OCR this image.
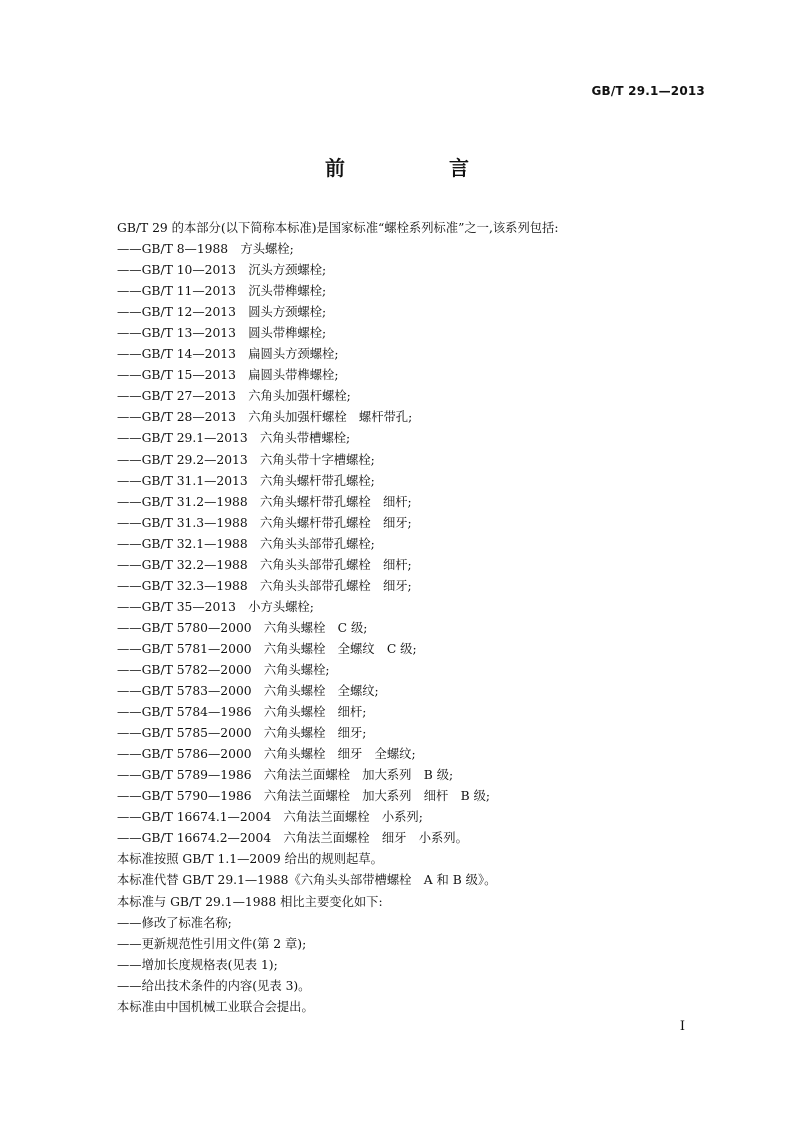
GB/T 29.1—2013
前　言
GB/T 29 的本部分(以下简称本标准)是国家标准“螺栓系列标准”之一,该系列包括:
——GB/T 8—1988　方头螺栓;
——GB/T 10—2013　沉头方颈螺栓;
——GB/T 11—2013　沉头带榫螺栓;
——GB/T 12—2013　圆头方颈螺栓;
——GB/T 13—2013　圆头带榫螺栓;
——GB/T 14—2013　扁圆头方颈螺栓;
——GB/T 15—2013　扁圆头带榫螺栓;
——GB/T 27—2013　六角头加强杆螺栓;
——GB/T 28—2013　六角头加强杆螺栓　螺杆带孔;
——GB/T 29.1—2013　六角头带槽螺栓;
——GB/T 29.2—2013　六角头带十字槽螺栓;
——GB/T 31.1—2013　六角头螺杆带孔螺栓;
——GB/T 31.2—1988　六角头螺杆带孔螺栓　细杆;
——GB/T 31.3—1988　六角头螺杆带孔螺栓　细牙;
——GB/T 32.1—1988　六角头头部带孔螺栓;
——GB/T 32.2—1988　六角头头部带孔螺栓　细杆;
——GB/T 32.3—1988　六角头头部带孔螺栓　细牙;
——GB/T 35—2013　小方头螺栓;
——GB/T 5780—2000　六角头螺栓　C 级;
——GB/T 5781—2000　六角头螺栓　全螺纹　C 级;
——GB/T 5782—2000　六角头螺栓;
——GB/T 5783—2000　六角头螺栓　全螺纹;
——GB/T 5784—1986　六角头螺栓　细杆;
——GB/T 5785—2000　六角头螺栓　细牙;
——GB/T 5786—2000　六角头螺栓　细牙　全螺纹;
——GB/T 5789—1986　六角法兰面螺栓　加大系列　B 级;
——GB/T 5790—1986　六角法兰面螺栓　加大系列　细杆　B 级;
——GB/T 16674.1—2004　六角法兰面螺栓　小系列;
——GB/T 16674.2—2004　六角法兰面螺栓　细牙　小系列。
本标准按照 GB/T 1.1—2009 给出的规则起草。
本标准代替 GB/T 29.1—1988《六角头头部带槽螺栓　A 和 B 级》。
本标准与 GB/T 29.1—1988 相比主要变化如下:
——修改了标准名称;
——更新规范性引用文件(第 2 章);
——增加长度规格表(见表 1);
——给出技术条件的内容(见表 3)。
本标准由中国机械工业联合会提出。
I
